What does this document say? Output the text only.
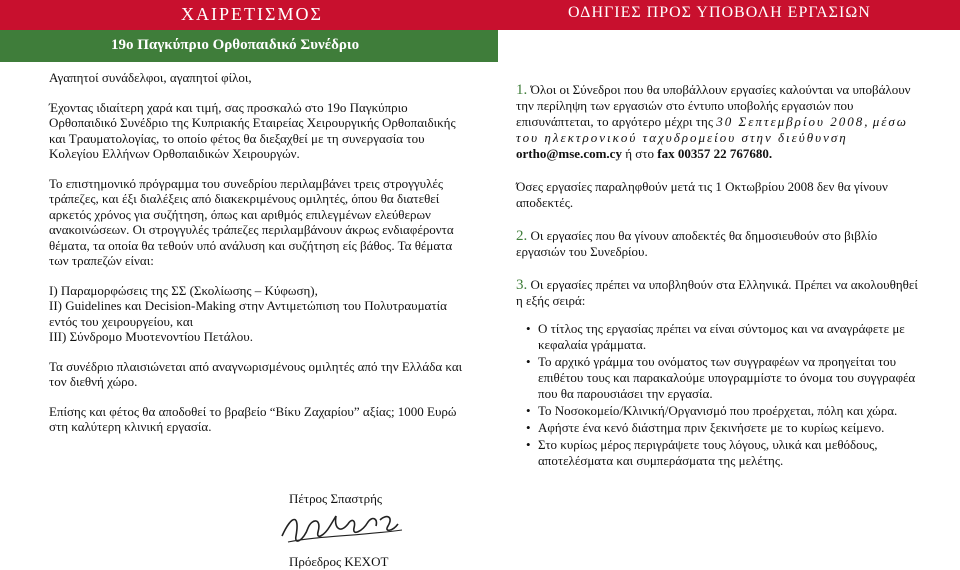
ΧΑΙΡΕΤΙΣΜΟΣ	ΟΔΗΓΙΕΣ ΠΡΟΣ ΥΠΟΒΟΛΗ ΕΡΓΑΣΙΩΝ
19ο Παγκύπριο Ορθοπαιδικό Συνέδριο

Αγαπητοί συνάδελφοι, αγαπητοί φίλοι,

Έχοντας ιδιαίτερη χαρά και τιμή, σας προσκαλώ στο 19ο Παγκύπριο Ορθοπαιδικό Συνέδριο της Κυπριακής Εταιρείας Χειρουργικής Ορθοπαιδικής και Τραυματολογίας, το οποίο φέτος θα διεξαχθεί με τη συνεργασία του Κολεγίου Ελλήνων Ορθοπαιδικών Χειρουργών.

Το επιστημονικό πρόγραμμα του συνεδρίου περιλαμβάνει τρεις στρογγυλές τράπεζες, και έξι διαλέξεις από διακεκριμένους ομιλητές, όπου θα διατεθεί αρκετός χρόνος για συζήτηση, όπως και αριθμός επιλεγμένων ελεύθερων ανακοινώσεων. Οι στρογγυλές τράπεζες περιλαμβάνουν άκρως ενδιαφέροντα θέματα, τα οποία θα τεθούν υπό ανάλυση και συζήτηση είς βάθος. Τα θέματα των τραπεζών είναι:

I) Παραμορφώσεις της ΣΣ (Σκολίωσης – Κύφωση),

II) Guidelines και Decision-Making στην Αντιμετώπιση του Πολυτραυματία εντός του χειρουργείου, και

III) Σύνδρομο Μυοτενοντίου Πετάλου.

Τα συνέδριο πλαισιώνεται από αναγνωρισμένους ομιλητές από την Ελλάδα και τον διεθνή χώρο.

Επίσης και φέτος θα αποδοθεί το βραβείο “Βίκυ Ζαχαρίου” αξίας; 1000 Ευρώ στη καλύτερη κλινική εργασία.

Πέτρος Σπαστρής
Πρόεδρος ΚΕΧΟΤ

1. Όλοι οι Σύνεδροι που θα υποβάλλουν εργασίες καλούνται να υποβάλουν την περίληψη των εργασιών στο έντυπο υποβολής εργασιών που επισυνάπτεται, το αργότερο μέχρι της 30 Σεπτεμβρίου 2008, μέσω του ηλεκτρονικού ταχυδρομείου στην διεύθυνση ortho@mse.com.cy ή στο fax 00357 22 767680.

Όσες εργασίες παραληφθούν μετά τις 1 Οκτωβρίου 2008 δεν θα γίνουν αποδεκτές.

2. Οι εργασίες που θα γίνουν αποδεκτές θα δημοσιευθούν στο βιβλίο εργασιών του Συνεδρίου.

3. Οι εργασίες πρέπει να υποβληθούν στα Ελληνικά. Πρέπει να ακολουθηθεί η εξής σειρά:

• Ο τίτλος της εργασίας πρέπει να είναι σύντομος και να αναγράφετε με κεφαλαία γράμματα.
• Το αρχικό γράμμα του ονόματος των συγγραφέων να προηγείται του επιθέτου τους και παρακαλούμε υπογραμμίστε το όνομα του συγγραφέα που θα παρουσιάσει την εργασία.
• Το Νοσοκομείο/Κλινική/Οργανισμό που προέρχεται, πόλη και χώρα.
• Αφήστε ένα κενό διάστημα πριν ξεκινήσετε με το κυρίως κείμενο.
• Στο κυρίως μέρος περιγράψετε τους λόγους, υλικά και μεθόδους, αποτελέσματα και συμπεράσματα της μελέτης.
